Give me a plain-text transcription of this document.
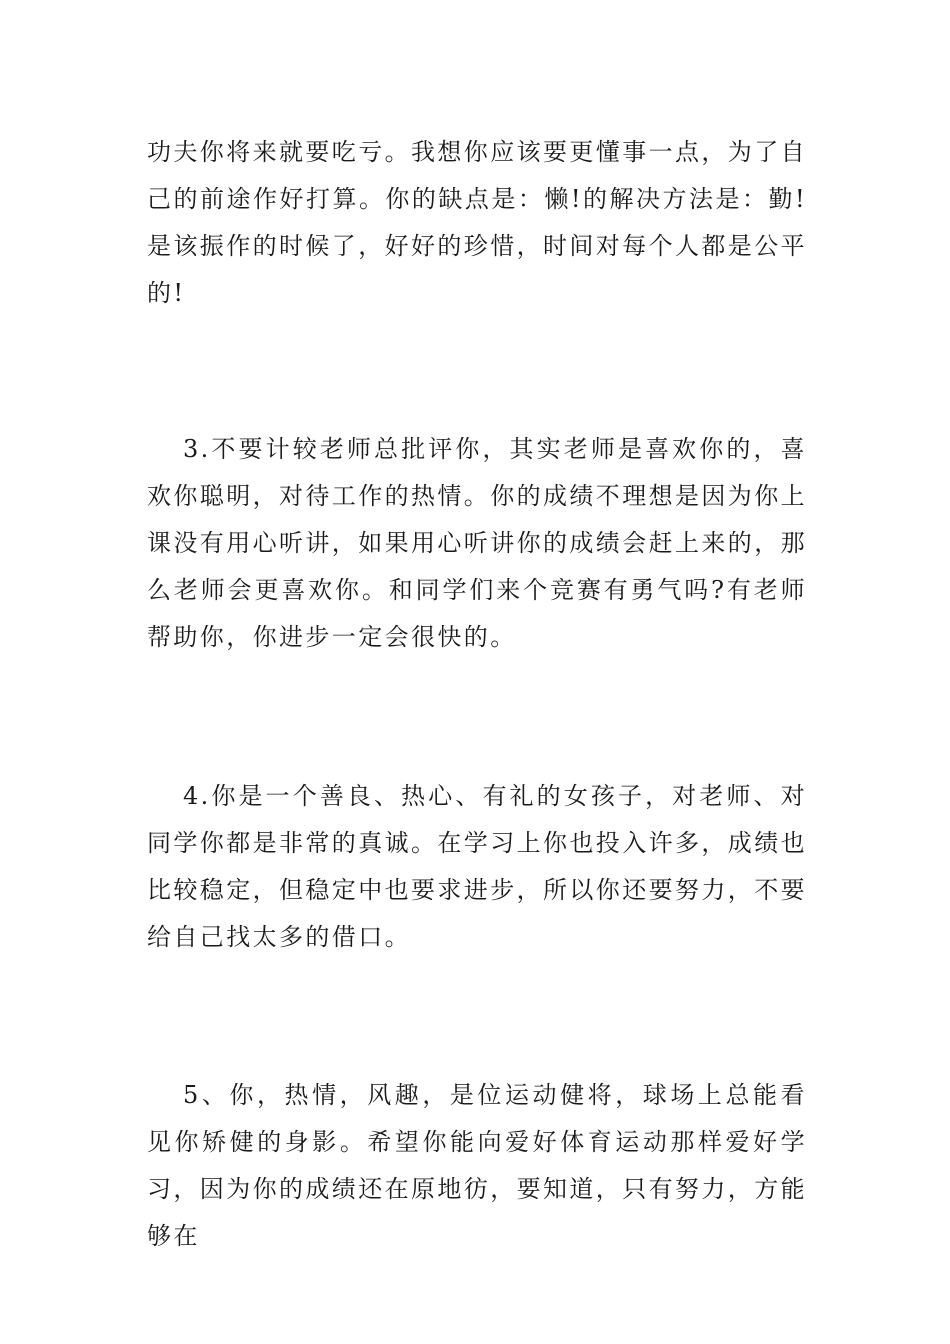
功夫你将来就要吃亏。我想你应该要更懂事一点，为了自己的前途作好打算。你的缺点是：懒!的解决方法是：勤!是该振作的时候了，好好的珍惜，时间对每个人都是公平的!

3.不要计较老师总批评你，其实老师是喜欢你的，喜欢你聪明，对待工作的热情。你的成绩不理想是因为你上课没有用心听讲，如果用心听讲你的成绩会赶上来的，那么老师会更喜欢你。和同学们来个竞赛有勇气吗?有老师帮助你，你进步一定会很快的。

4.你是一个善良、热心、有礼的女孩子，对老师、对同学你都是非常的真诚。在学习上你也投入许多，成绩也比较稳定，但稳定中也要求进步，所以你还要努力，不要给自己找太多的借口。

5、你，热情，风趣，是位运动健将，球场上总能看见你矫健的身影。希望你能向爱好体育运动那样爱好学习，因为你的成绩还在原地彷，要知道，只有努力，方能够在
